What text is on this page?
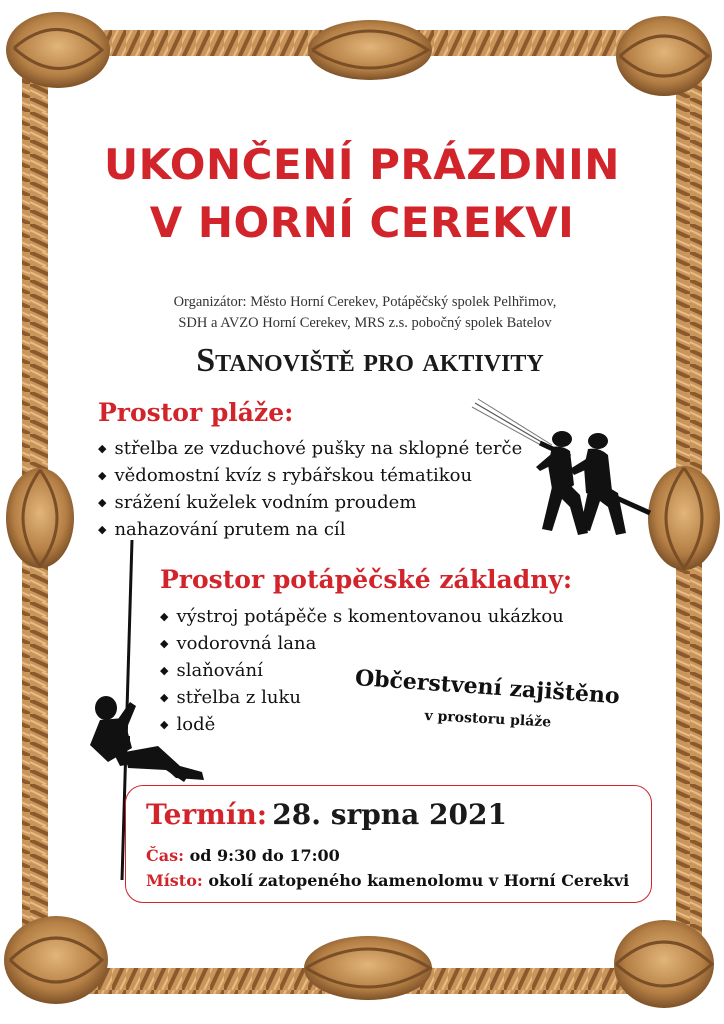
UKONČENÍ PRÁZDNIN
V HORNÍ CEREKVI
Organizátor: Město Horní Cerekev, Potápěčský spolek Pelhřimov,
SDH a AVZO Horní Cerekev, MRS z.s. pobočný spolek Batelov
Stanoviště pro aktivity
Prostor pláže:
◆ střelba ze vzduchové pušky na sklopné terče
◆ vědomostní kvíz s rybářskou tématikou
◆ srážení kuželek vodním proudem
◆ nahazování prutem na cíl
Prostor potápěčské základny:
◆ výstroj potápěče s komentovanou ukázkou
◆ vodorovná lana
◆ slaňování
◆ střelba z luku
◆ lodě
Občerstvení zajištěno
v prostoru pláže
Termín: 28. srpna 2021
Čas: od 9:30 do 17:00
Místo: okolí zatopeného kamenolomu v Horní Cerekvi
